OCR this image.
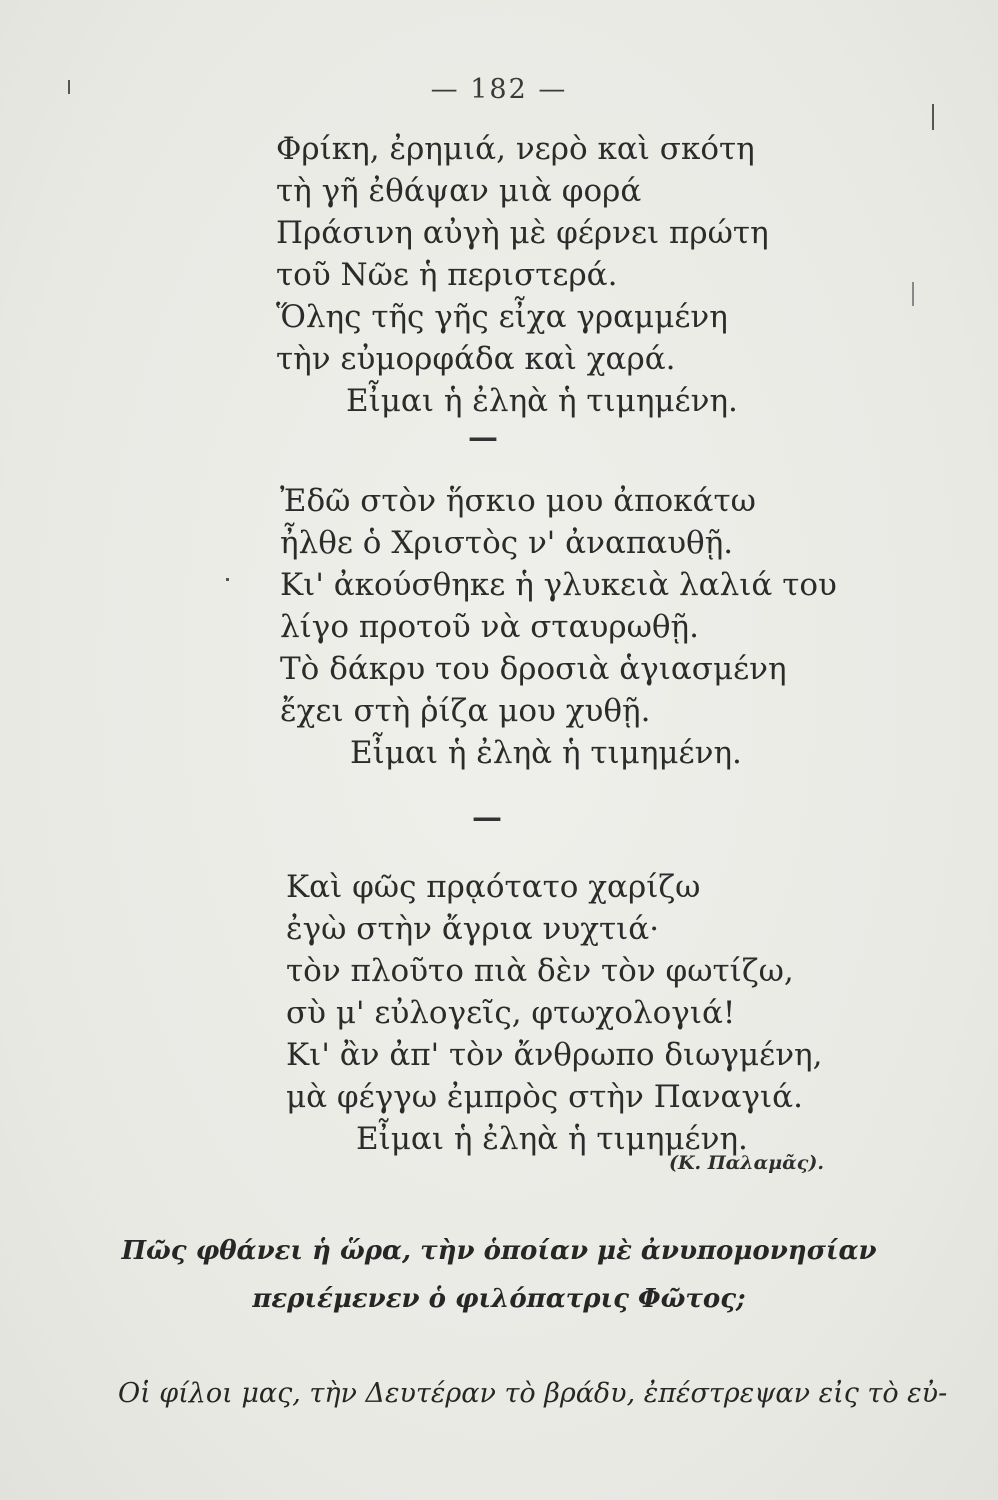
— 182 —
Φρίκη, ἐρημιά, νερὸ καὶ σκότη
τὴ γῆ ἐθάψαν μιὰ φορά
Πράσινη αὐγὴ μὲ φέρνει πρώτη
τοῦ Νῶε ἡ περιστερά.
Ὅλης τῆς γῆς εἶχα γραμμένη
τὴν εὐμορφάδα καὶ χαρά.
Εἶμαι ἡ ἐληὰ ἡ τιμημένη.
—
Ἐδῶ στὸν ἥσκιο μου ἀποκάτω
ἦλθε ὁ Χριστὸς ν' ἀναπαυθῇ.
Κι' ἀκούσθηκε ἡ γλυκειὰ λαλιά του
λίγο προτοῦ νὰ σταυρωθῇ.
Τὸ δάκρυ του δροσιὰ ἁγιασμένη
ἔχει στὴ ῥίζα μου χυθῇ.
Εἶμαι ἡ ἐληὰ ἡ τιμημένη.
—
Καὶ φῶς πρᾳότατο χαρίζω
ἐγὼ στὴν ἄγρια νυχτιά·
τὸν πλοῦτο πιὰ δὲν τὸν φωτίζω,
σὺ μ' εὐλογεῖς, φτωχολογιά!
Κι' ἂν ἀπ' τὸν ἄνθρωπο διωγμένη,
μὰ φέγγω ἐμπρὸς στὴν Παναγιά.
Εἶμαι ἡ ἐληὰ ἡ τιμημένη.
(Κ. Παλαμᾶς).
Πῶς φθάνει ἡ ὥρα, τὴν ὁποίαν μὲ ἀνυπομονησίαν
περιέμενεν ὁ φιλόπατρις Φῶτος;
Οἱ φίλοι μας, τὴν Δευτέραν τὸ βράδυ, ἐπέστρεψαν εἰς τὸ εὐ-
